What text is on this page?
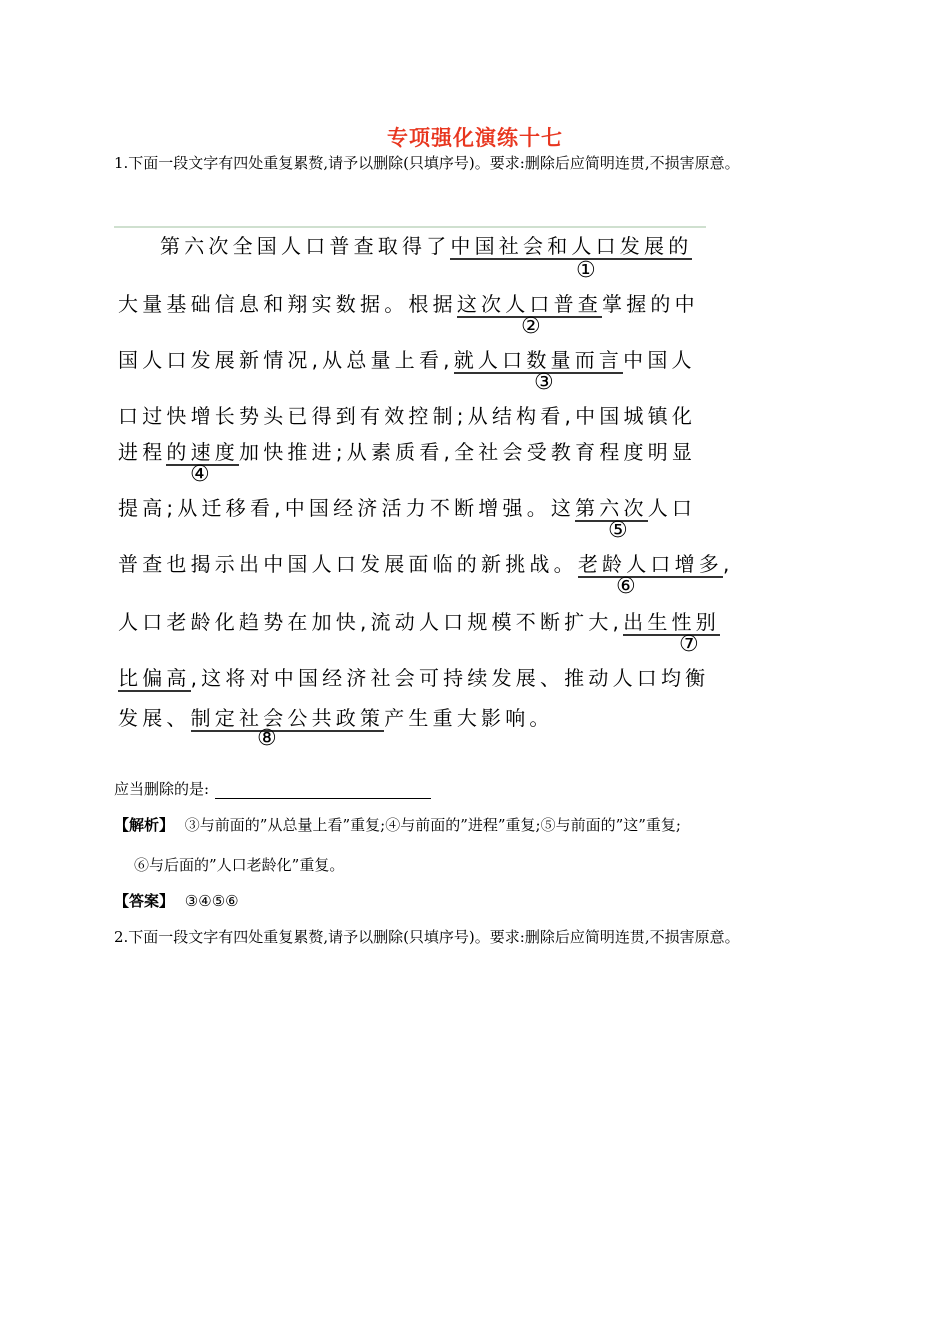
专项强化演练十七
1.下面一段文字有四处重复累赘,请予以删除(只填序号)。要求:删除后应简明连贯,不损害原意。
第六次全国人口普查取得了中国社会和人口发展的
①
大量基础信息和翔实数据。根据这次人口普查掌握的中
②
国人口发展新情况,从总量上看,就人口数量而言中国人
③
口过快增长势头已得到有效控制;从结构看,中国城镇化
进程的速度加快推进;从素质看,全社会受教育程度明显
④
提高;从迁移看,中国经济活力不断增强。这第六次人口
⑤
普查也揭示出中国人口发展面临的新挑战。老龄人口增多,
⑥
人口老龄化趋势在加快,流动人口规模不断扩大,出生性别
⑦
比偏高,这将对中国经济社会可持续发展、推动人口均衡
发展、制定社会公共政策产生重大影响。
⑧
应当删除的是:
【解析】 ③与前面的”从总量上看”重复;④与前面的”进程”重复;⑤与前面的”这”重复;
⑥与后面的”人口老龄化”重复。
【答案】 ③④⑤⑥
2.下面一段文字有四处重复累赘,请予以删除(只填序号)。要求:删除后应简明连贯,不损害原意。
